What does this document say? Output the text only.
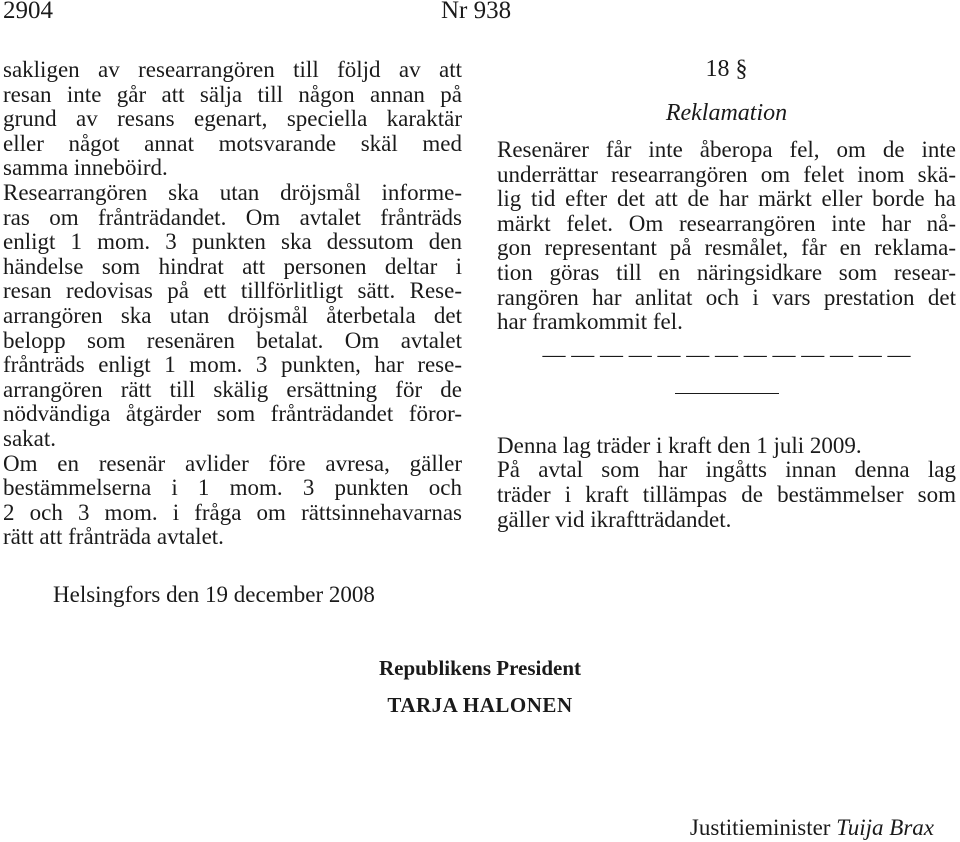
2904	Nr 938
sakligen av researrangören till följd av att
resan inte går att sälja till någon annan på
grund av resans egenart, speciella karaktär
eller något annat motsvarande skäl med
samma inneböird.
Researrangören ska utan dröjsmål informe-
ras om frånträdandet. Om avtalet frånträds
enligt 1 mom. 3 punkten ska dessutom den
händelse som hindrat att personen deltar i
resan redovisas på ett tillförlitligt sätt. Rese-
arrangören ska utan dröjsmål återbetala det
belopp som resenären betalat. Om avtalet
frånträds enligt 1 mom. 3 punkten, har rese-
arrangören rätt till skälig ersättning för de
nödvändiga åtgärder som frånträdandet föror-
sakat.
Om en resenär avlider före avresa, gäller
bestämmelserna i 1 mom. 3 punkten och
2 och 3 mom. i fråga om rättsinnehavarnas
rätt att frånträda avtalet.
18 §
Reklamation
Resenärer får inte åberopa fel, om de inte
underrättar researrangören om felet inom skä-
lig tid efter det att de har märkt eller borde ha
märkt felet. Om researrangören inte har nå-
gon representant på resmålet, får en reklama-
tion göras till en näringsidkare som resear-
rangören har anlitat och i vars prestation det
har framkommit fel.
— — — — — — — — — — — — —
Denna lag träder i kraft den 1 juli 2009.
På avtal som har ingåtts innan denna lag
träder i kraft tillämpas de bestämmelser som
gäller vid ikraftträdandet.
Helsingfors den 19 december 2008
Republikens President
TARJA HALONEN
Justitieminister Tuija Brax
